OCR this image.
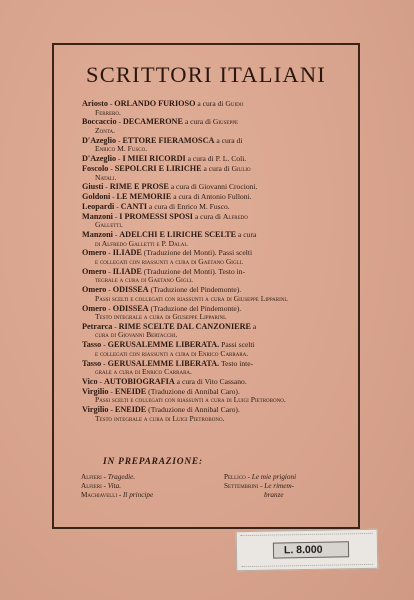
SCRITTORI ITALIANI
Ariosto - ORLANDO FURIOSO a cura di Guido
Ferrero.
Boccaccio - DECAMERONE a cura di Giuseppe
Zonta.
D'Azeglio - ETTORE FIERAMOSCA a cura di
Enrico M. Fusco.
D'Azeglio - I MIEI RICORDI a cura di P. L. Coli.
Foscolo - SEPOLCRI E LIRICHE a cura di Giulio
Natali.
Giusti - RIME E PROSE a cura di Giovanni Crocioni.
Goldoni - LE MEMORIE a cura di Antonio Fulloni.
Leopardi - CANTI a cura di Enrico M. Fusco.
Manzoni - I PROMESSI SPOSI a cura di Alfredo
Galletti.
Manzoni - ADELCHI E LIRICHE SCELTE a cura
di Alfredo Galletti e P. Dalai.
Omero - ILIADE (Traduzione del Monti). Passi scelti
e collegati con riassunti a cura di Gaetano Gigli.
Omero - ILIADE (Traduzione del Monti). Testo in-
tegrale a cura di Gaetano Gigli.
Omero - ODISSEA (Traduzione del Pindemonte).
Passi scelti e collegati con riassunti a cura di Giuseppe Lipparini.
Omero - ODISSEA (Traduzione del Pindemonte).
Testo integrale a cura di Giuseppe Lipparini.
Petrarca - RIME SCELTE DAL CANZONIERE a
cura di Giovanni Bertacchi.
Tasso - GERUSALEMME LIBERATA. Passi scelti
e collegati con riassunti a cura di Enrico Carrara.
Tasso - GERUSALEMME LIBERATA. Testo inte-
grale a cura di Enrico Carrara.
Vico - AUTOBIOGRAFIA a cura di Vito Cassano.
Virgilio - ENEIDE (Traduzione di Annibal Caro).
Passi scelti e collegati con riassunti a cura di Luigi Pietrobono.
Virgilio - ENEIDE (Traduzione di Annibal Caro).
Testo integrale a cura di Luigi Pietrobono.
IN PREPARAZIONE:
Alfieri - Tragedie.
Alfieri - Vita.
Machiavelli - Il principe
Pellico - Le mie prigioni
Settembrini - Le rimem-
branze
L. 8.000
